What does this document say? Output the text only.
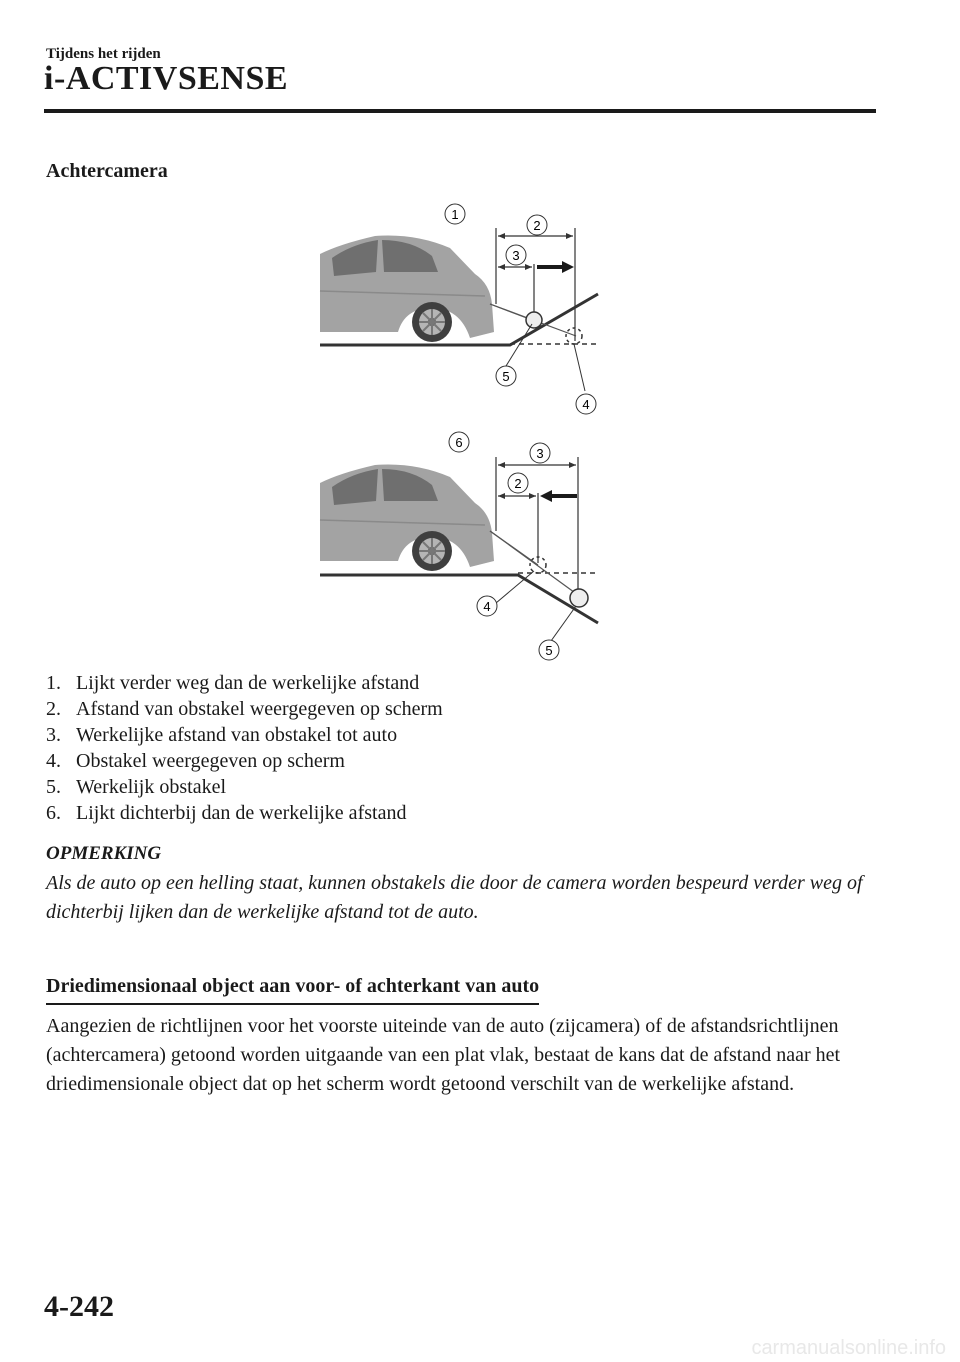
Tijdens het rijden
i-ACTIVSENSE
Achtercamera
1
2
3
4
5
6
3
2
4
5
1. Lijkt verder weg dan de werkelijke afstand
2. Afstand van obstakel weergegeven op scherm
3. Werkelijke afstand van obstakel tot auto
4. Obstakel weergegeven op scherm
5. Werkelijk obstakel
6. Lijkt dichterbij dan de werkelijke afstand
OPMERKING
Als de auto op een helling staat, kunnen obstakels die door de camera worden bespeurd verder weg of dichterbij lijken dan de werkelijke afstand tot de auto.
Driedimensionaal object aan voor- of achterkant van auto
Aangezien de richtlijnen voor het voorste uiteinde van de auto (zijcamera) of de afstandsrichtlijnen (achtercamera) getoond worden uitgaande van een plat vlak, bestaat de kans dat de afstand naar het driedimensionale object dat op het scherm wordt getoond verschilt van de werkelijke afstand.
4-242
carmanualsonline.info
